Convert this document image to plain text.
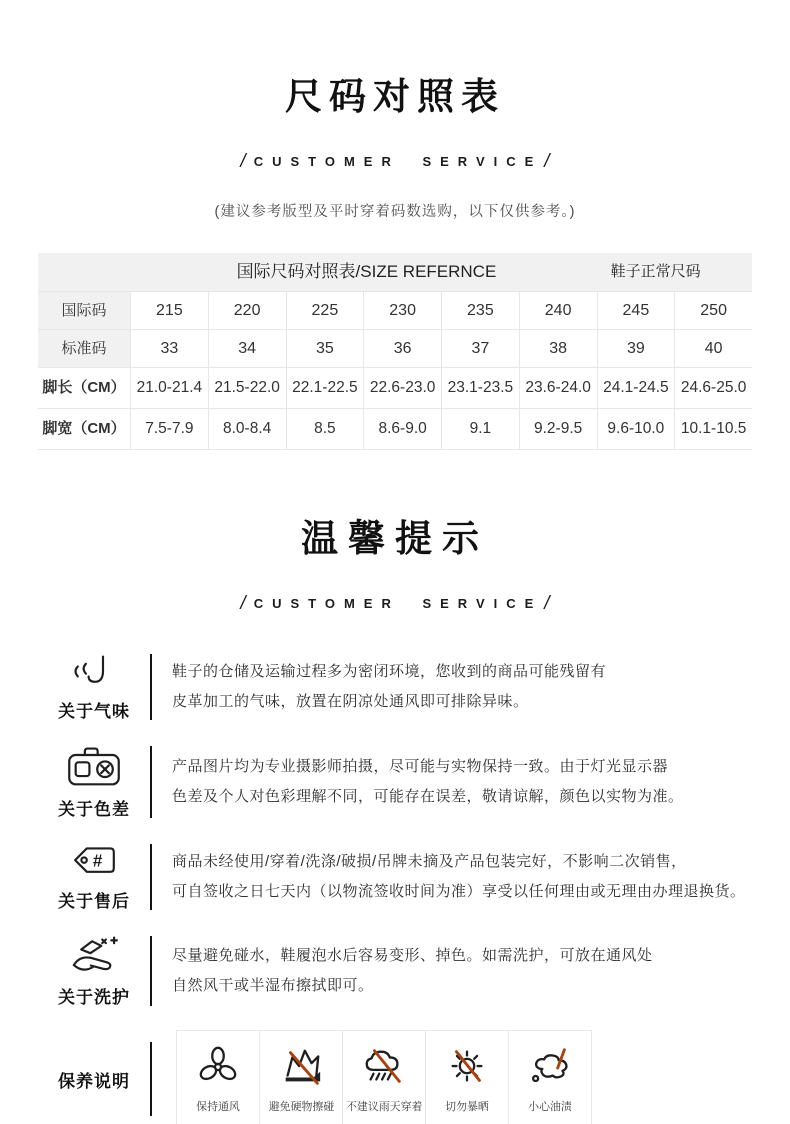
尺码对照表
/ CUSTOMER SERVICE /
(建议参考版型及平时穿着码数选购，以下仅供参考。)
国际尺码对照表/SIZE REFERNCE	鞋子正常尺码
国际码	215	220	225	230	235	240	245	250
标准码	33	34	35	36	37	38	39	40
脚长（CM） 21.0-21.4 21.5-22.0 22.1-22.5 22.6-23.0 23.1-23.5 23.6-24.0 24.1-24.5 24.6-25.0
脚宽（CM）	7.5-7.9	8.0-8.4	8.5	8.6-9.0	9.1	9.2-9.5	9.6-10.0	10.1-10.5
温馨提示
/ CUSTOMER SERVICE /
关于气味
鞋子的仓储及运输过程多为密闭环境，您收到的商品可能残留有
皮革加工的气味，放置在阴凉处通风即可排除异味。
关于色差
产品图片均为专业摄影师拍摄，尽可能与实物保持一致。由于灯光显示器
色差及个人对色彩理解不同，可能存在误差，敬请谅解，颜色以实物为准。
#
关于售后
商品未经使用/穿着/洗涤/破损/吊牌未摘及产品包装完好，不影响二次销售，
可自签收之日七天内（以物流签收时间为准）享受以任何理由或无理由办理退换货。
关于洗护
尽量避免碰水，鞋履泡水后容易变形、掉色。如需洗护，可放在通风处
自然风干或半湿布擦拭即可。
保养说明
保持通风 避免硬物擦碰 不建议雨天穿着 切勿暴晒	小心油渍
